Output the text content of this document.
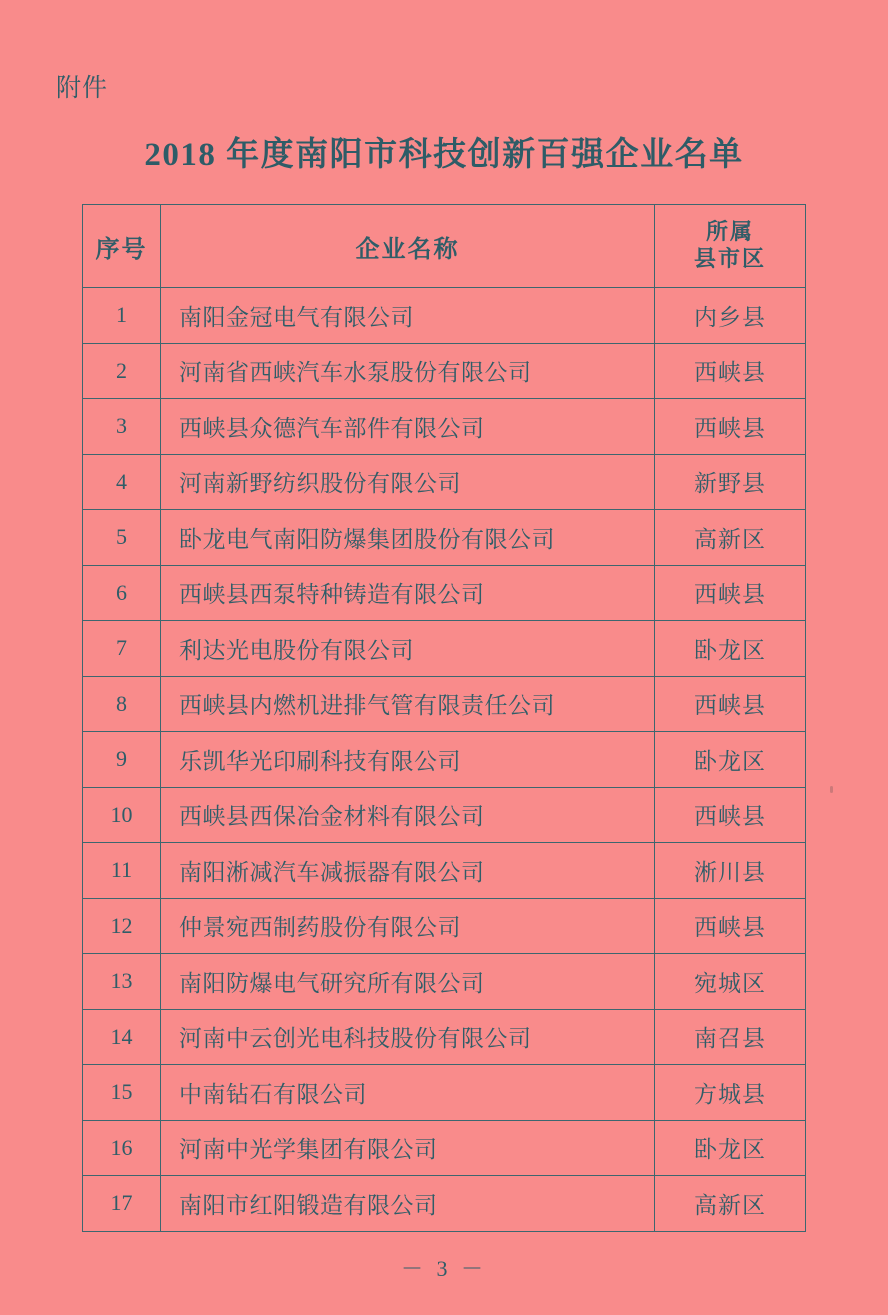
附件
2018 年度南阳市科技创新百强企业名单
序号	企业名称	所属
县市区

1	南阳金冠电气有限公司	内乡县
2	河南省西峡汽车水泵股份有限公司	西峡县
3	西峡县众德汽车部件有限公司	西峡县
4	河南新野纺织股份有限公司	新野县
5	卧龙电气南阳防爆集团股份有限公司	高新区
6	西峡县西泵特种铸造有限公司	西峡县
7	利达光电股份有限公司	卧龙区
8	西峡县内燃机进排气管有限责任公司	西峡县
9	乐凯华光印刷科技有限公司	卧龙区
10	西峡县西保冶金材料有限公司	西峡县
11	南阳淅减汽车减振器有限公司	淅川县
12	仲景宛西制药股份有限公司	西峡县
13	南阳防爆电气研究所有限公司	宛城区
14	河南中云创光电科技股份有限公司	南召县
15	中南钻石有限公司	方城县
16	河南中光学集团有限公司	卧龙区
17	南阳市红阳锻造有限公司	高新区
－ 3 －
